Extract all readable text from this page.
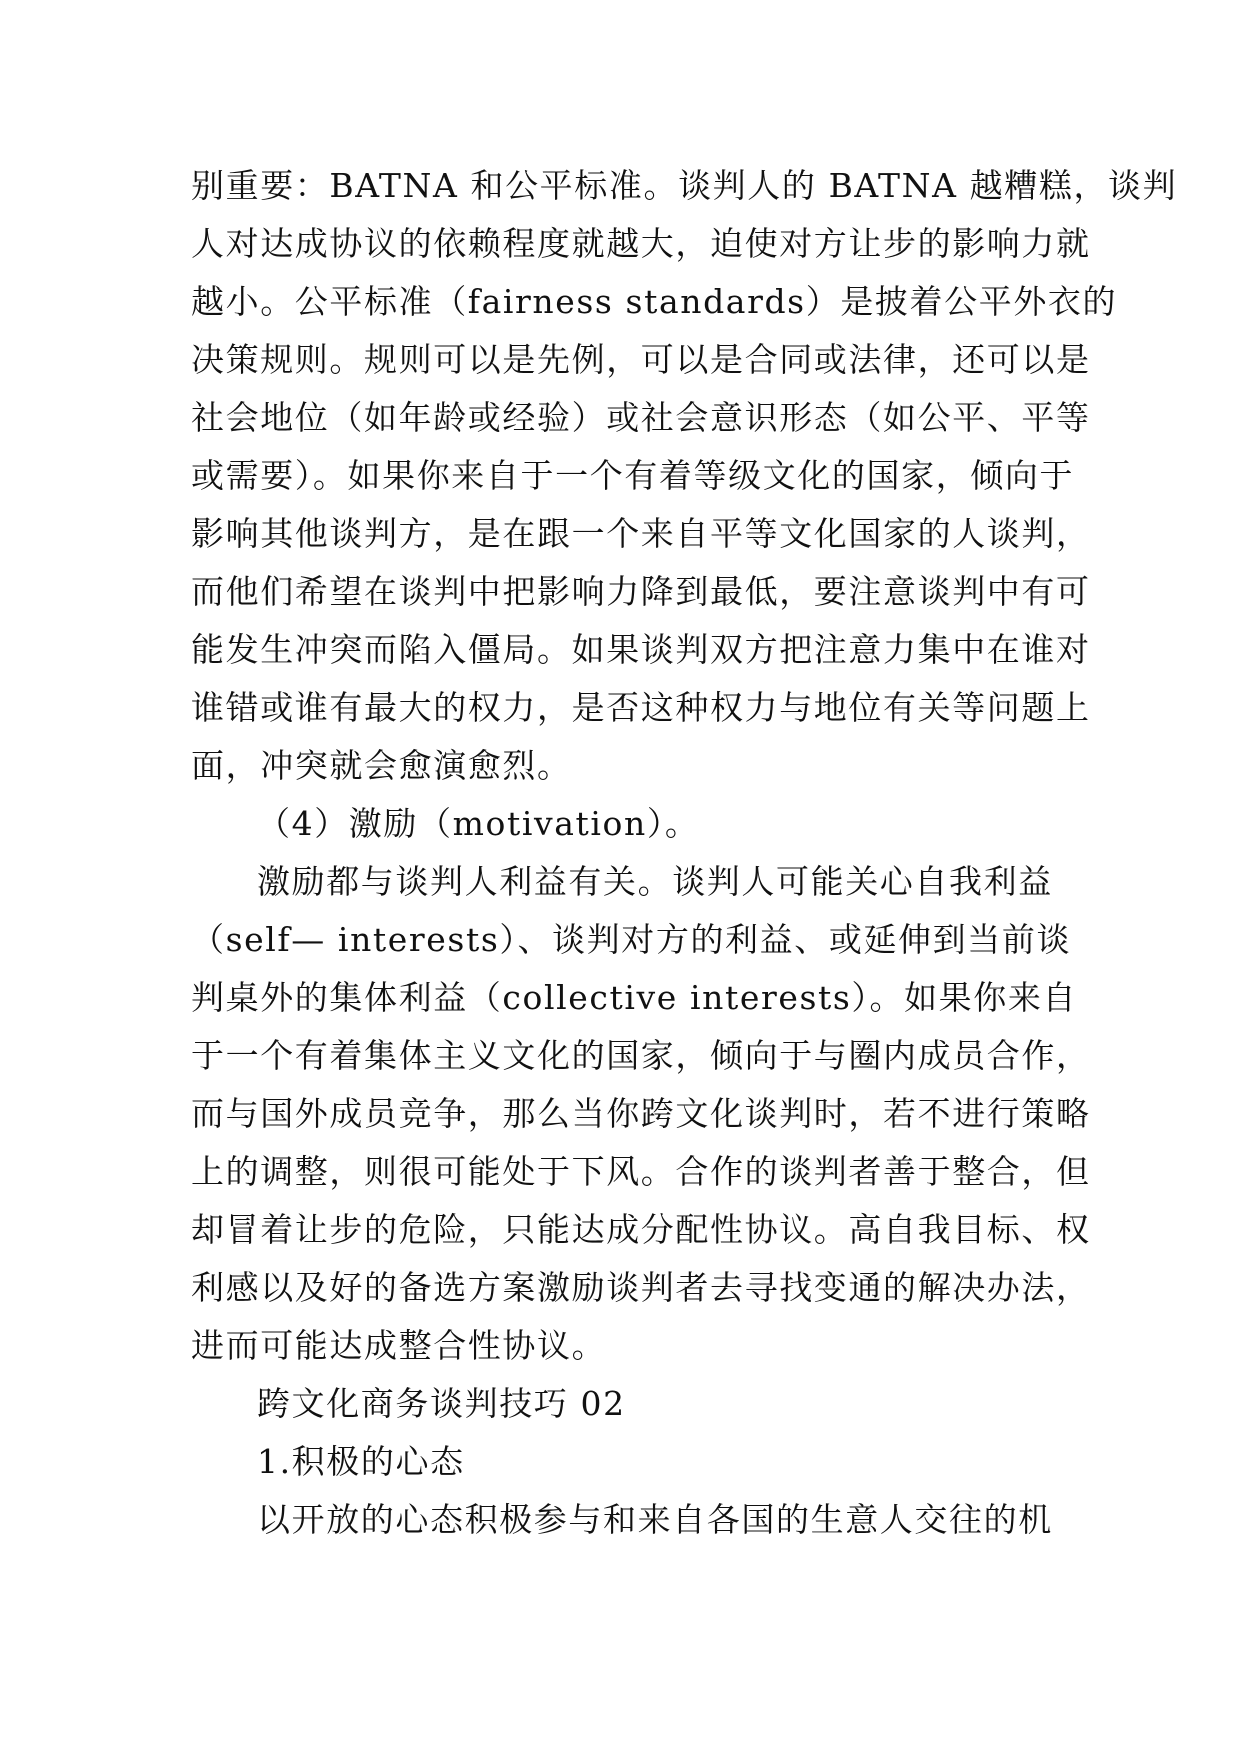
别重要：BATNA 和公平标准。谈判人的 BATNA 越糟糕，谈判
人对达成协议的依赖程度就越大，迫使对方让步的影响力就
越小。公平标准（fairness standards）是披着公平外衣的
决策规则。规则可以是先例，可以是合同或法律，还可以是
社会地位（如年龄或经验）或社会意识形态（如公平、平等
或需要）。如果你来自于一个有着等级文化的国家，倾向于
影响其他谈判方，是在跟一个来自平等文化国家的人谈判，
而他们希望在谈判中把影响力降到最低，要注意谈判中有可
能发生冲突而陷入僵局。如果谈判双方把注意力集中在谁对
谁错或谁有最大的权力，是否这种权力与地位有关等问题上
面，冲突就会愈演愈烈。
（4）激励（motivation）。
激励都与谈判人利益有关。谈判人可能关心自我利益
（self— interests）、谈判对方的利益、或延伸到当前谈
判桌外的集体利益（collective interests）。如果你来自
于一个有着集体主义文化的国家，倾向于与圈内成员合作，
而与国外成员竞争，那么当你跨文化谈判时，若不进行策略
上的调整，则很可能处于下风。合作的谈判者善于整合，但
却冒着让步的危险，只能达成分配性协议。高自我目标、权
利感以及好的备选方案激励谈判者去寻找变通的解决办法，
进而可能达成整合性协议。
跨文化商务谈判技巧 02
1.积极的心态
以开放的心态积极参与和来自各国的生意人交往的机
